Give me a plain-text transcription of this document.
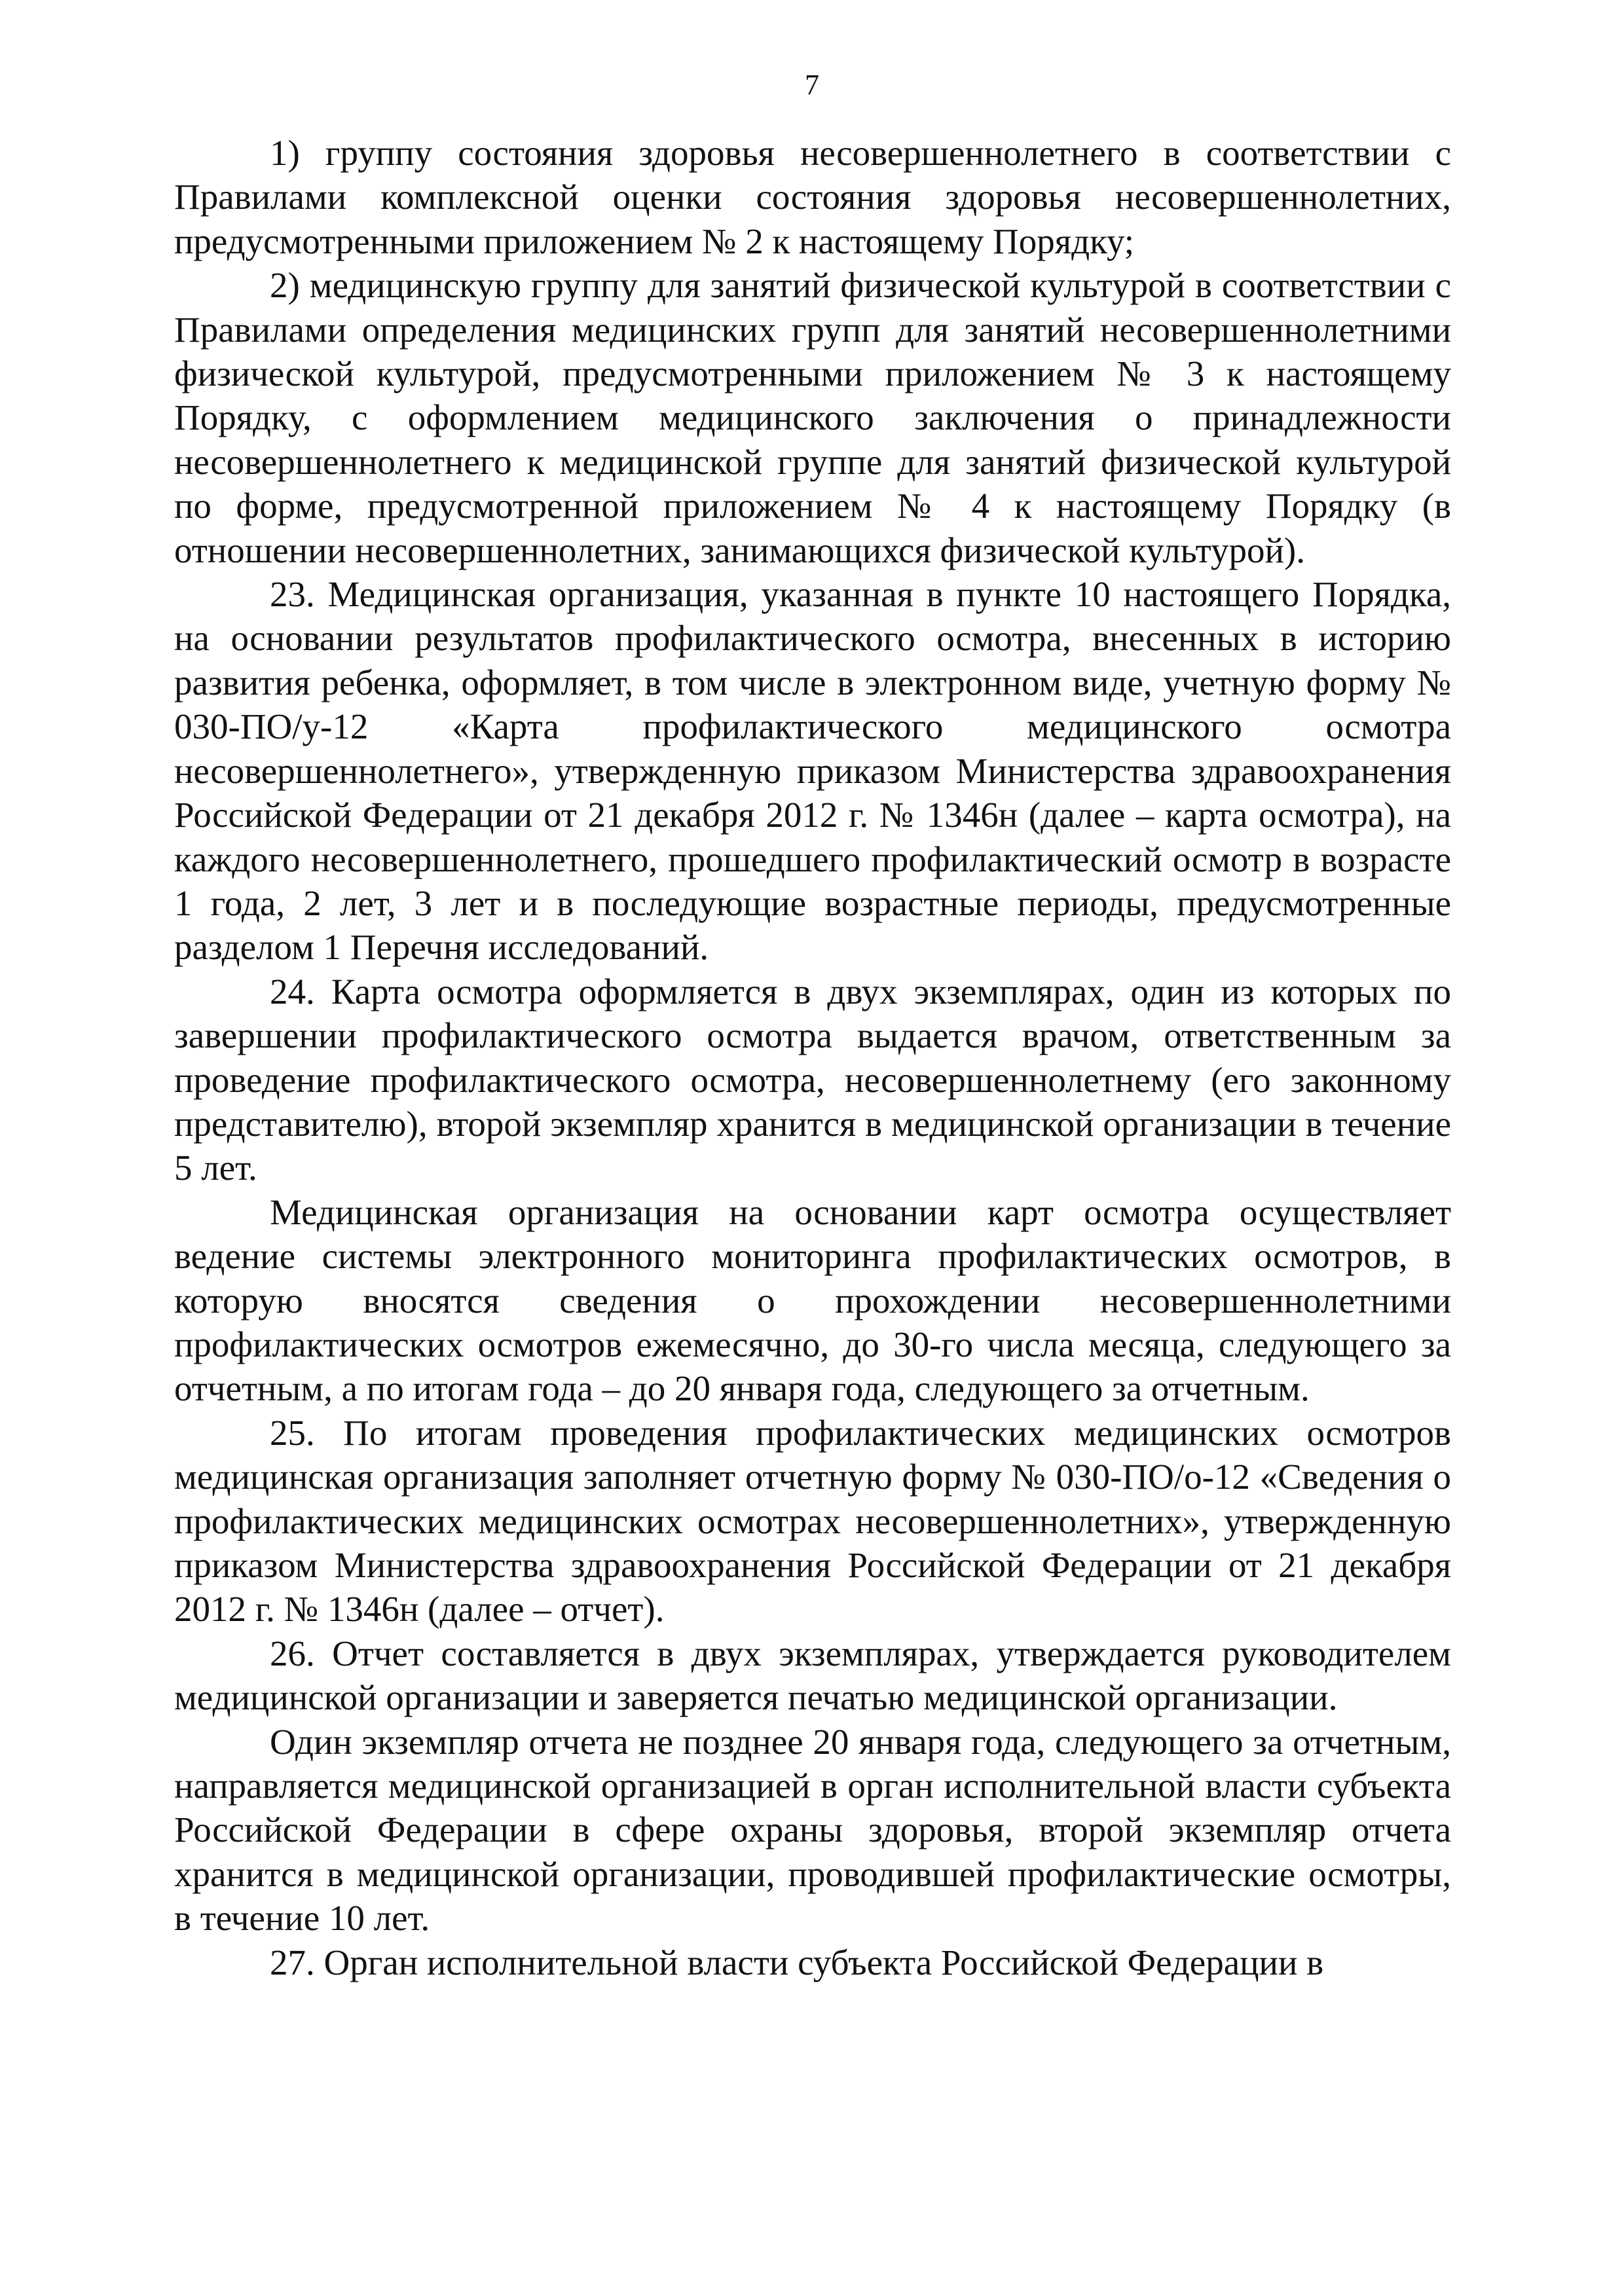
7

1) группу состояния здоровья несовершеннолетнего в соответствии с Правилами комплексной оценки состояния здоровья несовершеннолетних, предусмотренными приложением № 2 к настоящему Порядку;

2) медицинскую группу для занятий физической культурой в соответствии с Правилами определения медицинских групп для занятий несовершеннолетними физической культурой, предусмотренными приложением № 3 к настоящему Порядку, с оформлением медицинского заключения о принадлежности несовершеннолетнего к медицинской группе для занятий физической культурой по форме, предусмотренной приложением № 4 к настоящему Порядку (в отношении несовершеннолетних, занимающихся физической культурой).

23. Медицинская организация, указанная в пункте 10 настоящего Порядка, на основании результатов профилактического осмотра, внесенных в историю развития ребенка, оформляет, в том числе в электронном виде, учетную форму № 030-ПО/у-12 «Карта профилактического медицинского осмотра несовершеннолетнего», утвержденную приказом Министерства здравоохранения Российской Федерации от 21 декабря 2012 г. № 1346н (далее – карта осмотра), на каждого несовершеннолетнего, прошедшего профилактический осмотр в возрасте 1 года, 2 лет, 3 лет и в последующие возрастные периоды, предусмотренные разделом 1 Перечня исследований.

24. Карта осмотра оформляется в двух экземплярах, один из которых по завершении профилактического осмотра выдается врачом, ответственным за проведение профилактического осмотра, несовершеннолетнему (его законному представителю), второй экземпляр хранится в медицинской организации в течение 5 лет.

Медицинская организация на основании карт осмотра осуществляет ведение системы электронного мониторинга профилактических осмотров, в которую вносятся сведения о прохождении несовершеннолетними профилактических осмотров ежемесячно, до 30-го числа месяца, следующего за отчетным, а по итогам года – до 20 января года, следующего за отчетным.

25. По итогам проведения профилактических медицинских осмотров медицинская организация заполняет отчетную форму № 030-ПО/о-12 «Сведения о профилактических медицинских осмотрах несовершеннолетних», утвержденную приказом Министерства здравоохранения Российской Федерации от 21 декабря 2012 г. № 1346н (далее – отчет).

26. Отчет составляется в двух экземплярах, утверждается руководителем медицинской организации и заверяется печатью медицинской организации.

Один экземпляр отчета не позднее 20 января года, следующего за отчетным, направляется медицинской организацией в орган исполнительной власти субъекта Российской Федерации в сфере охраны здоровья, второй экземпляр отчета хранится в медицинской организации, проводившей профилактические осмотры, в течение 10 лет.

27. Орган исполнительной власти субъекта Российской Федерации в
